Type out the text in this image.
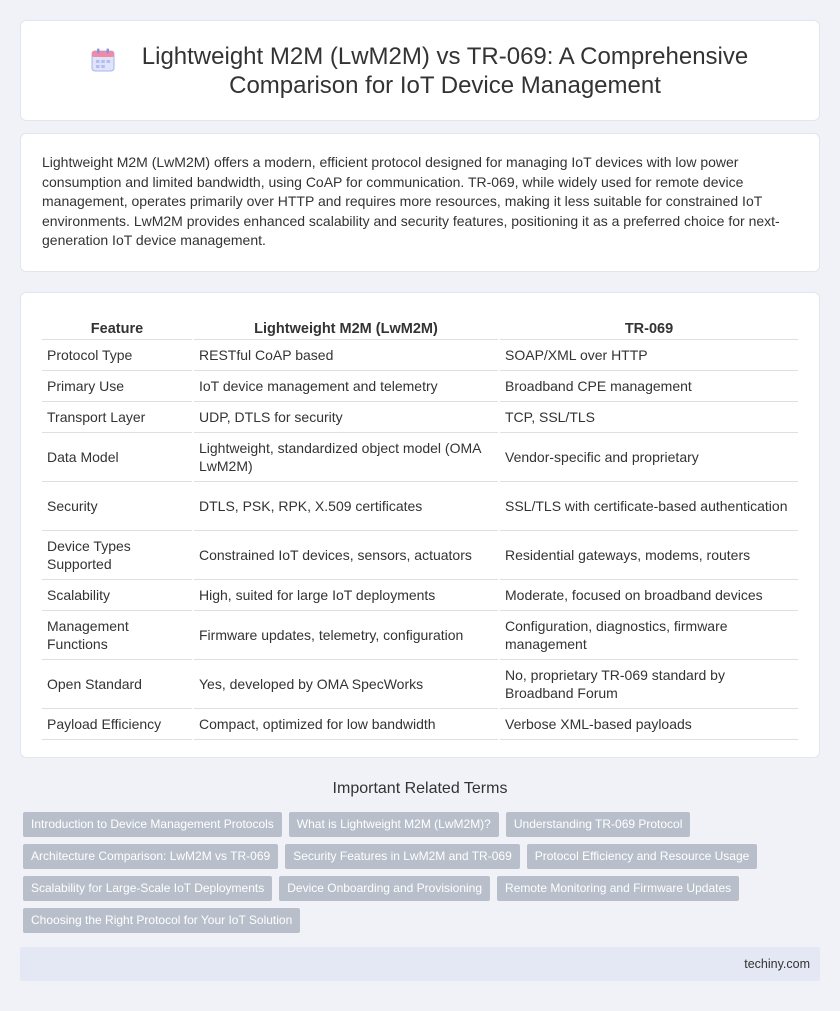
Lightweight M2M (LwM2M) vs TR-069: A Comprehensive Comparison for IoT Device Management

Lightweight M2M (LwM2M) offers a modern, efficient protocol designed for managing IoT devices with low power consumption and limited bandwidth, using CoAP for communication. TR-069, while widely used for remote device management, operates primarily over HTTP and requires more resources, making it less suitable for constrained IoT environments. LwM2M provides enhanced scalability and security features, positioning it as a preferred choice for next-generation IoT device management.

Feature	Lightweight M2M (LwM2M)	TR-069
Protocol Type	RESTful CoAP based	SOAP/XML over HTTP
Primary Use	IoT device management and telemetry	Broadband CPE management
Transport Layer	UDP, DTLS for security	TCP, SSL/TLS
Data Model	Lightweight, standardized object model (OMA LwM2M)	Vendor-specific and proprietary
Security	DTLS, PSK, RPK, X.509 certificates	SSL/TLS with certificate-based authentication
Device Types Supported	Constrained IoT devices, sensors, actuators	Residential gateways, modems, routers
Scalability	High, suited for large IoT deployments	Moderate, focused on broadband devices
Management Functions	Firmware updates, telemetry, configuration	Configuration, diagnostics, firmware management
Open Standard	Yes, developed by OMA SpecWorks	No, proprietary TR-069 standard by Broadband Forum
Payload Efficiency	Compact, optimized for low bandwidth	Verbose XML-based payloads
Important Related Terms
Introduction to Device Management Protocols	What is Lightweight M2M (LwM2M)?	Understanding TR-069 Protocol
Architecture Comparison: LwM2M vs TR-069	Security Features in LwM2M and TR-069	Protocol Efficiency and Resource Usage
Scalability for Large-Scale IoT Deployments	Device Onboarding and Provisioning	Remote Monitoring and Firmware Updates
Choosing the Right Protocol for Your IoT Solution
techiny.com
